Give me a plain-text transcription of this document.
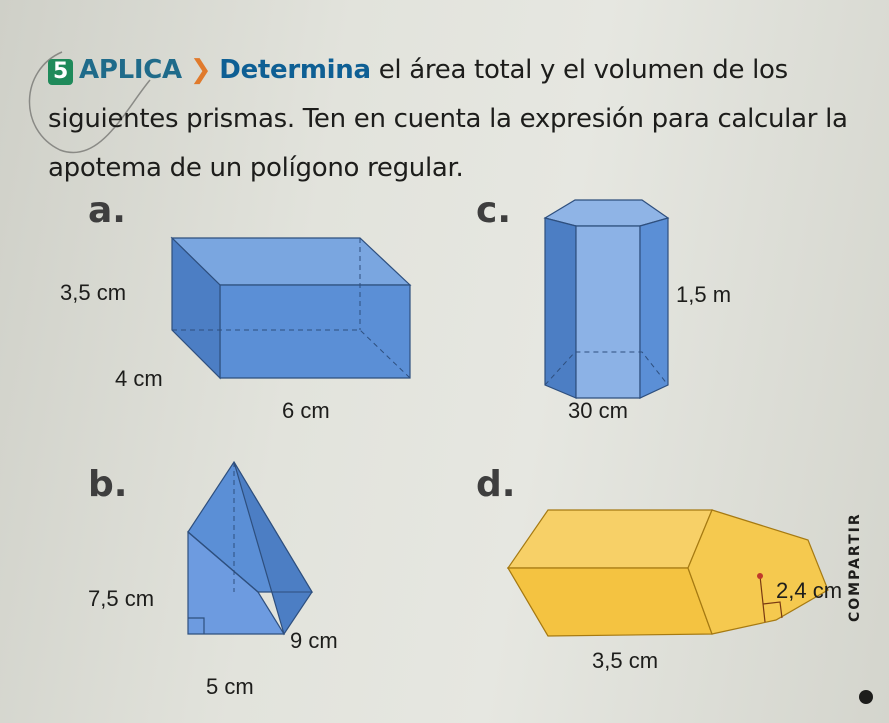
5 APLICA ❯ Determina el área total y el volumen de los siguientes prismas. Ten en cuenta la expresión para calcular la apotema de un polígono regular.
a.	c.
b.	d.
3,5 cm
4 cm
6 cm
1,5 m
30 cm
7,5 cm
9 cm
5 cm
2,4 cm
3,5 cm
COMPARTIR
